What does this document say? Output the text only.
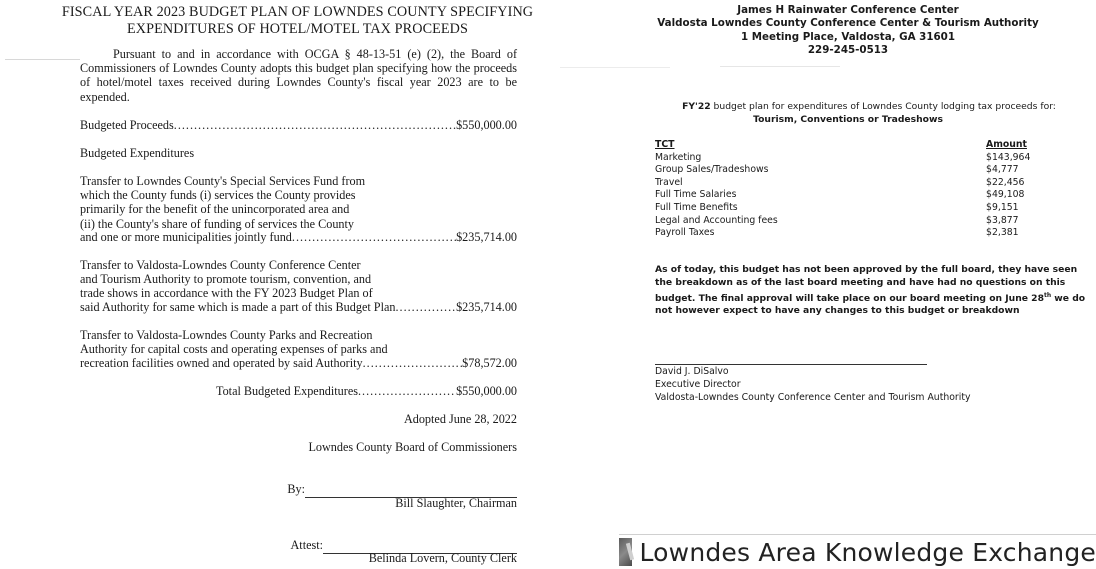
FISCAL YEAR 2023 BUDGET PLAN OF LOWNDES COUNTY SPECIFYING
EXPENDITURES OF HOTEL/MOTEL TAX PROCEEDS
Pursuant to and in accordance with OCGA § 48-13-51 (e) (2), the Board of Commissioners of Lowndes County adopts this budget plan specifying how the proceeds of hotel/motel taxes received during Lowndes County's fiscal year 2023 are to be expended.
Budgeted Proceeds .....	$550,000.00
Budgeted Expenditures
Transfer to Lowndes County's Special Services Fund from
which the County funds (i) services the County provides
primarily for the benefit of the unincorporated area and
(ii) the County's share of funding of services the County
and one or more municipalities jointly fund .....	$235,714.00
Transfer to Valdosta-Lowndes County Conference Center
and Tourism Authority to promote tourism, convention, and
trade shows in accordance with the FY 2023 Budget Plan of
said Authority for same which is made a part of this Budget Plan .....	$235,714.00
Transfer to Valdosta-Lowndes County Parks and Recreation
Authority for capital costs and operating expenses of parks and
recreation facilities owned and operated by said Authority .....	$78,572.00
Total Budgeted Expenditures .....	$550,000.00
Adopted June 28, 2022
Lowndes County Board of Commissioners
By:
Bill Slaughter, Chairman
Attest:
Belinda Lovern, County Clerk
James H Rainwater Conference Center
Valdosta Lowndes County Conference Center & Tourism Authority
1 Meeting Place, Valdosta, GA 31601
229-245-0513
FY'22 budget plan for expenditures of Lowndes County lodging tax proceeds for:
Tourism, Conventions or Tradeshows
TCT	Amount
Marketing	$143,964
Group Sales/Tradeshows	$4,777
Travel	$22,456
Full Time Salaries	$49,108
Full Time Benefits	$9,151
Legal and Accounting fees	$3,877
Payroll Taxes	$2,381
As of today, this budget has not been approved by the full board, they have seen the breakdown as of the last board meeting and have had no questions on this budget. The final approval will take place on our board meeting on June 28th we do not however expect to have any changes to this budget or breakdown
David J. DiSalvo
Executive Director
Valdosta-Lowndes County Conference Center and Tourism Authority
Lowndes Area Knowledge Exchange
